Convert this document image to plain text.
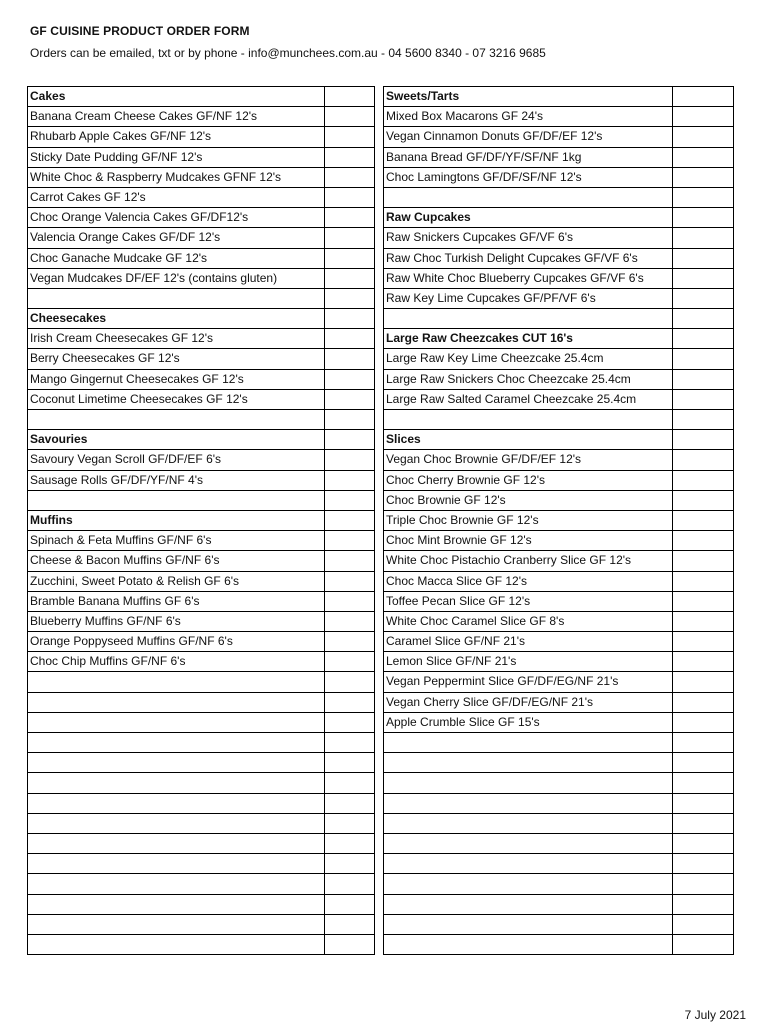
GF CUISINE PRODUCT ORDER FORM
Orders can be emailed, txt or by phone - info@munchees.com.au - 04 5600 8340 - 07 3216 9685
Cakes
Banana Cream Cheese Cakes GF/NF 12's
Rhubarb Apple Cakes GF/NF 12's
Sticky Date Pudding GF/NF 12's
White Choc & Raspberry Mudcakes GFNF 12's
Carrot Cakes GF 12's
Choc Orange Valencia Cakes GF/DF12's
Valencia Orange Cakes GF/DF 12's
Choc Ganache Mudcake GF 12's
Vegan Mudcakes DF/EF 12's (contains gluten)
Cheesecakes
Irish Cream Cheesecakes GF 12's
Berry Cheesecakes GF 12's
Mango Gingernut Cheesecakes GF 12's
Coconut Limetime Cheesecakes GF 12's
Savouries
Savoury Vegan Scroll GF/DF/EF 6's
Sausage Rolls GF/DF/YF/NF 4's
Muffins
Spinach & Feta Muffins GF/NF 6's
Cheese & Bacon Muffins GF/NF 6's
Zucchini, Sweet Potato & Relish GF 6's
Bramble Banana Muffins GF 6's
Blueberry Muffins GF/NF 6's
Orange Poppyseed Muffins GF/NF 6's
Choc Chip Muffins GF/NF 6's
Sweets/Tarts
Mixed Box Macarons GF 24's
Vegan Cinnamon Donuts GF/DF/EF 12's
Banana Bread GF/DF/YF/SF/NF 1kg
Choc Lamingtons GF/DF/SF/NF 12's
Raw Cupcakes
Raw Snickers Cupcakes GF/VF 6's
Raw Choc Turkish Delight Cupcakes GF/VF 6's
Raw White Choc Blueberry Cupcakes GF/VF 6's
Raw Key Lime Cupcakes GF/PF/VF 6's
Large Raw Cheezcakes CUT 16's
Large Raw Key Lime Cheezcake 25.4cm
Large Raw Snickers Choc Cheezcake 25.4cm
Large Raw Salted Caramel Cheezcake 25.4cm
Slices
Vegan Choc Brownie GF/DF/EF 12's
Choc Cherry Brownie GF 12's
Choc Brownie GF 12's
Triple Choc Brownie GF 12's
Choc Mint Brownie GF 12's
White Choc Pistachio Cranberry Slice GF 12's
Choc Macca Slice GF 12's
Toffee Pecan Slice GF 12's
White Choc Caramel Slice GF 8's
Caramel Slice GF/NF 21's
Lemon Slice GF/NF 21's
Vegan Peppermint Slice GF/DF/EG/NF 21's
Vegan Cherry Slice GF/DF/EG/NF 21's
Apple Crumble Slice GF 15's
7 July 2021
